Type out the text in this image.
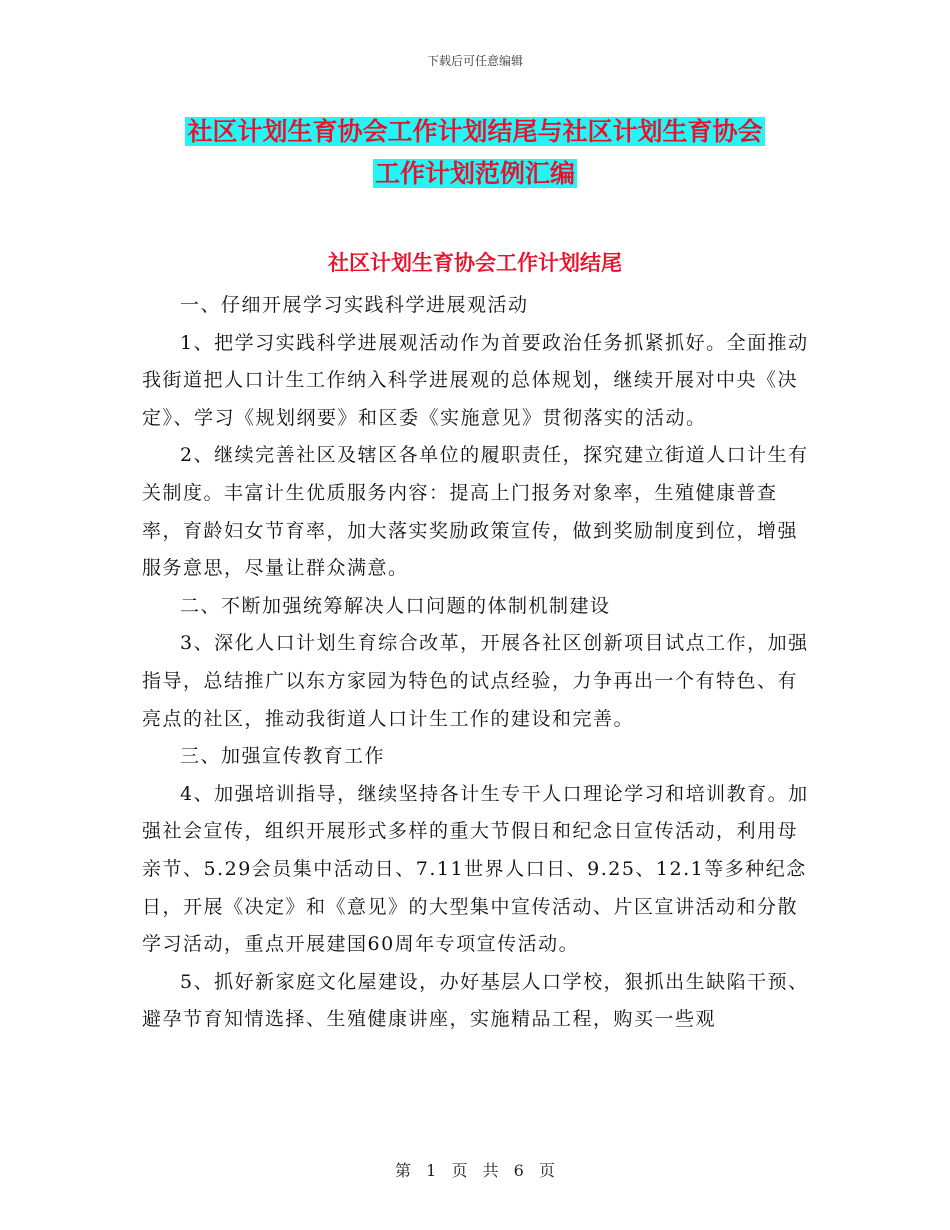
下载后可任意编辑
社区计划生育协会工作计划结尾与社区计划生育协会
工作计划范例汇编
社区计划生育协会工作计划结尾

一、仔细开展学习实践科学进展观活动

1、把学习实践科学进展观活动作为首要政治任务抓紧抓好。全面推动我街道把人口计生工作纳入科学进展观的总体规划，继续开展对中央《决定》、学习《规划纲要》和区委《实施意见》贯彻落实的活动。

2、继续完善社区及辖区各单位的履职责任，探究建立街道人口计生有关制度。丰富计生优质服务内容：提高上门报务对象率，生殖健康普查率，育龄妇女节育率，加大落实奖励政策宣传，做到奖励制度到位，增强服务意思，尽量让群众满意。

二、不断加强统筹解决人口问题的体制机制建设

3、深化人口计划生育综合改革，开展各社区创新项目试点工作，加强指导，总结推广以东方家园为特色的试点经验，力争再出一个有特色、有亮点的社区，推动我街道人口计生工作的建设和完善。

三、加强宣传教育工作

4、加强培训指导，继续坚持各计生专干人口理论学习和培训教育。加强社会宣传，组织开展形式多样的重大节假日和纪念日宣传活动，利用母亲节、5.29会员集中活动日、7.11世界人口日、9.25、12.1等多种纪念日，开展《决定》和《意见》的大型集中宣传活动、片区宣讲活动和分散学习活动，重点开展建国60周年专项宣传活动。

5、抓好新家庭文化屋建设，办好基层人口学校，狠抓出生缺陷干预、避孕节育知情选择、生殖健康讲座，实施精品工程，购买一些观

第 1 页 共 6 页
